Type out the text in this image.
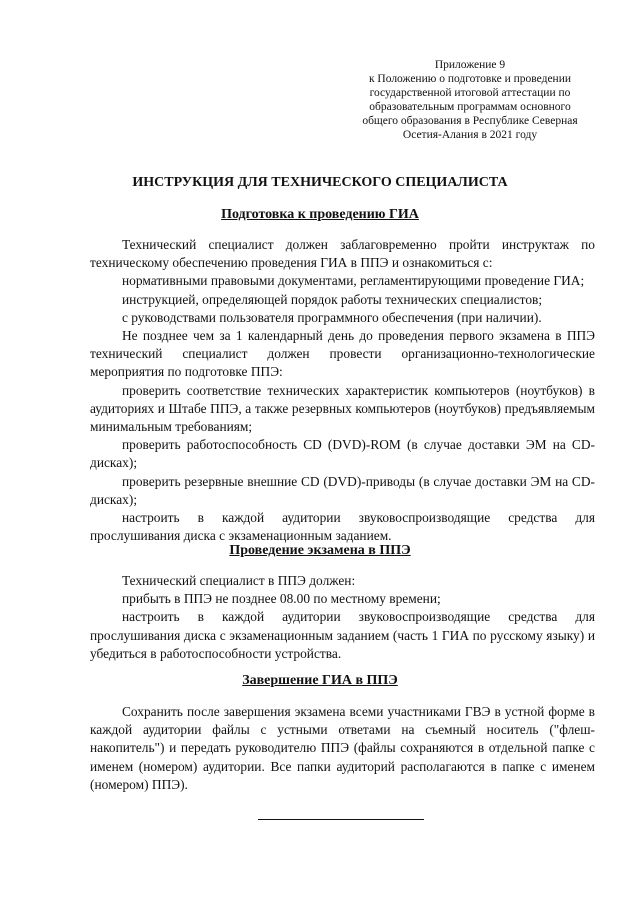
Приложение 9
к Положению о подготовке и проведении
государственной итоговой аттестации по
образовательным программам основного
общего образования в Республике Северная
Осетия-Алания в 2021 году
ИНСТРУКЦИЯ ДЛЯ ТЕХНИЧЕСКОГО СПЕЦИАЛИСТА
Подготовка к проведению ГИА

Технический специалист должен заблаговременно пройти инструктаж по техническому обеспечению проведения ГИА в ППЭ и ознакомиться с:

нормативными правовыми документами, регламентирующими проведение ГИА;

инструкцией, определяющей порядок работы технических специалистов;

с руководствами пользователя программного обеспечения (при наличии).

Не позднее чем за 1 календарный день до проведения первого экзамена в ППЭ технический специалист должен провести организационно-технологические мероприятия по подготовке ППЭ:

проверить соответствие технических характеристик компьютеров (ноутбуков) в аудиториях и Штабе ППЭ, а также резервных компьютеров (ноутбуков) предъявляемым минимальным требованиям;

проверить работоспособность CD (DVD)-ROM (в случае доставки ЭМ на CD-дисках);

проверить резервные внешние CD (DVD)-приводы (в случае доставки ЭМ на CD-дисках);

настроить в каждой аудитории звуковоспроизводящие средства для прослушивания диска с экзаменационным заданием.

Проведение экзамена в ППЭ

Технический специалист в ППЭ должен:

прибыть в ППЭ не позднее 08.00 по местному времени;

настроить в каждой аудитории звуковоспроизводящие средства для прослушивания диска с экзаменационным заданием (часть 1 ГИА по русскому языку) и убедиться в работоспособности устройства.

Завершение ГИА в ППЭ

Сохранить после завершения экзамена всеми участниками ГВЭ в устной форме в каждой аудитории файлы с устными ответами на съемный носитель ("флеш-накопитель") и передать руководителю ППЭ (файлы сохраняются в отдельной папке с именем (номером) аудитории. Все папки аудиторий располагаются в папке с именем (номером) ППЭ).
